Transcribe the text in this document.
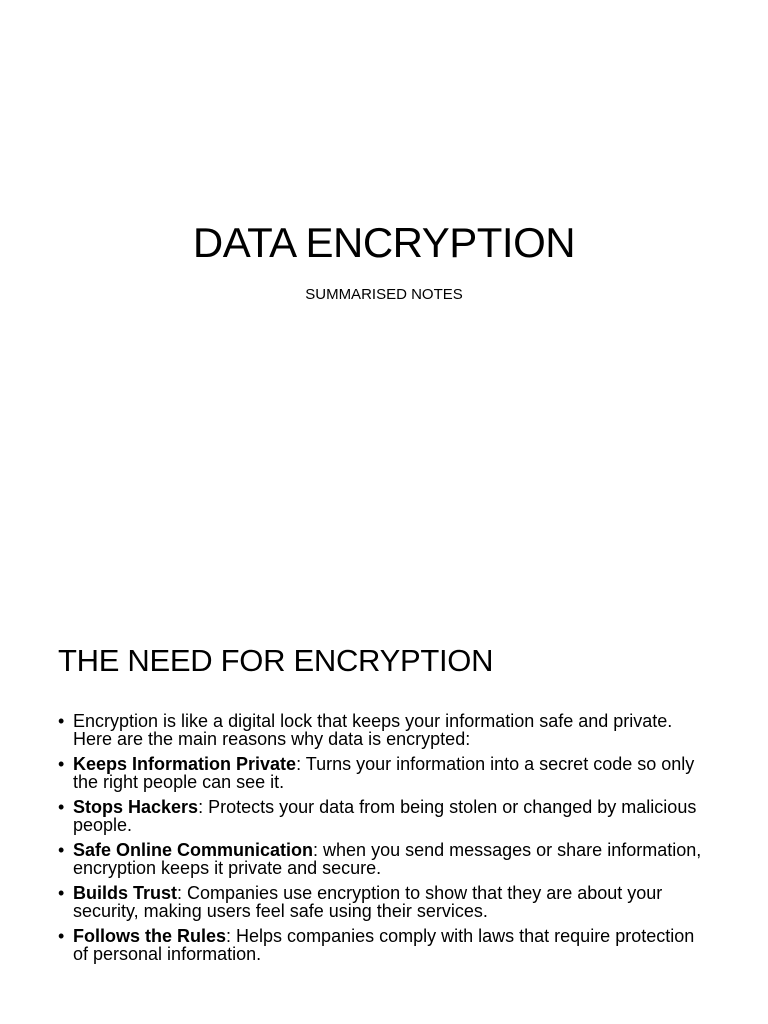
DATA ENCRYPTION

SUMMARISED NOTES

THE NEED FOR ENCRYPTION
• Encryption is like a digital lock that keeps your information safe and private. Here are the main reasons why data is encrypted:
• Keeps Information Private: Turns your information into a secret code so only the right people can see it.
• Stops Hackers: Protects your data from being stolen or changed by malicious people.
• Safe Online Communication: when you send messages or share information, encryption keeps it private and secure.
• Builds Trust: Companies use encryption to show that they are about your security, making users feel safe using their services.
• Follows the Rules: Helps companies comply with laws that require protection of personal information.
